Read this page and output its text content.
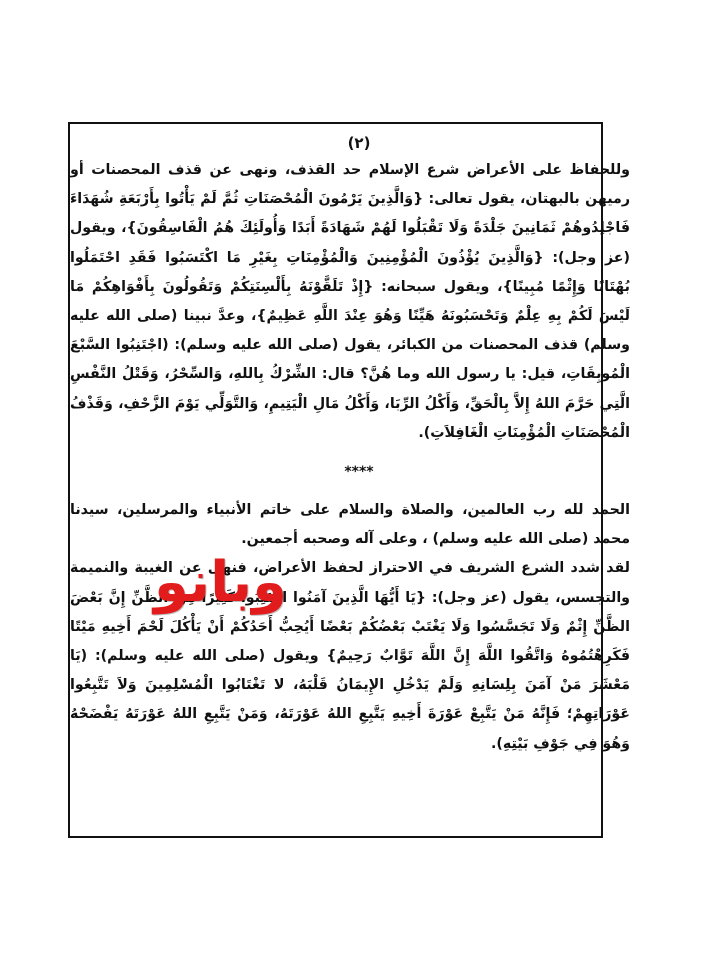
(٢)

وللحفاظ على الأعراض شرع الإسلام حد القذف، ونهى عن قذف المحصنات أو رميهن بالبهتان، يقول تعالى: {وَالَّذِينَ يَرْمُونَ الْمُحْصَنَاتِ ثُمَّ لَمْ يَأْتُوا بِأَرْبَعَةِ شُهَدَاءَ فَاجْلِدُوهُمْ ثَمَانِينَ جَلْدَةً وَلَا تَقْبَلُوا لَهُمْ شَهَادَةً أَبَدًا وَأُولَئِكَ هُمُ الْفَاسِقُونَ}، ويقول (عز وجل): {وَالَّذِينَ يُؤْذُونَ الْمُؤْمِنِينَ وَالْمُؤْمِنَاتِ بِغَيْرِ مَا اكْتَسَبُوا فَقَدِ احْتَمَلُوا بُهْتَانًا وَإِثْمًا مُبِينًا}، ويقول سبحانه: {إِذْ تَلَقَّوْنَهُ بِأَلْسِنَتِكُمْ وَتَقُولُونَ بِأَفْوَاهِكُمْ مَا لَيْسَ لَكُمْ بِهِ عِلْمٌ وَتَحْسَبُونَهُ هَيِّنًا وَهُوَ عِنْدَ اللَّهِ عَظِيمٌ}، وعدَّ نبينا (صلى الله عليه وسلم) قذف المحصنات من الكبائر، يقول (صلى الله عليه وسلم): (اجْتَنِبُوا السَّبْعَ الْمُوبِقَاتِ، قيل: يا رسول الله وما هُنَّ؟ قال: الشِّرْكُ بِاللهِ، وَالسِّحْرُ، وَقَتْلُ النَّفْسِ الَّتِي حَرَّمَ اللهُ إِلاَّ بِالْحَقِّ، وَأَكْلُ الرِّبَا، وَأَكْلُ مَالِ الْيَتِيمِ، وَالتَّوَلِّي يَوْمَ الزَّحْفِ، وَقَذْفُ الْمُحْصَنَاتِ الْمُؤْمِنَاتِ الْغَافِلاَتِ).

****

الحمد لله رب العالمين، والصلاة والسلام على خاتم الأنبياء والمرسلين، سيدنا محمد (صلى الله عليه وسلم) ، وعلى آله وصحبه أجمعين.

لقد شدد الشرع الشريف في الاحتراز لحفظ الأعراض، فنهى عن الغيبة والنميمة والتجسس، يقول (عز وجل): {يَا أَيُّهَا الَّذِينَ آمَنُوا اجْتَنِبُوا كَثِيرًا مِنَ الظَّنِّ إِنَّ بَعْضَ الظَّنِّ إِثْمٌ وَلَا تَجَسَّسُوا وَلَا يَغْتَبْ بَعْضُكُمْ بَعْضًا أَيُحِبُّ أَحَدُكُمْ أَنْ يَأْكُلَ لَحْمَ أَخِيهِ مَيْتًا فَكَرِهْتُمُوهُ وَاتَّقُوا اللَّهَ إِنَّ اللَّهَ تَوَّابٌ رَحِيمٌ} ويقول (صلى الله عليه وسلم): (يَا مَعْشَرَ مَنْ آمَنَ بِلِسَانِهِ وَلَمْ يَدْخُلِ الإِيمَانُ قَلْبَهُ، لا تَغْتَابُوا الْمُسْلِمِينَ وَلاَ تَتَّبِعُوا عَوْرَاتِهِمْ؛ فَإِنَّهُ مَنْ يَتَّبِعْ عَوْرَةَ أَخِيهِ يَتَّبِعِ اللهُ عَوْرَتَهُ، وَمَنْ يَتَّبِعِ اللهُ عَوْرَتَهُ يَفْضَحْهُ وَهُوَ فِي جَوْفِ بَيْتِهِ).

وبانو
